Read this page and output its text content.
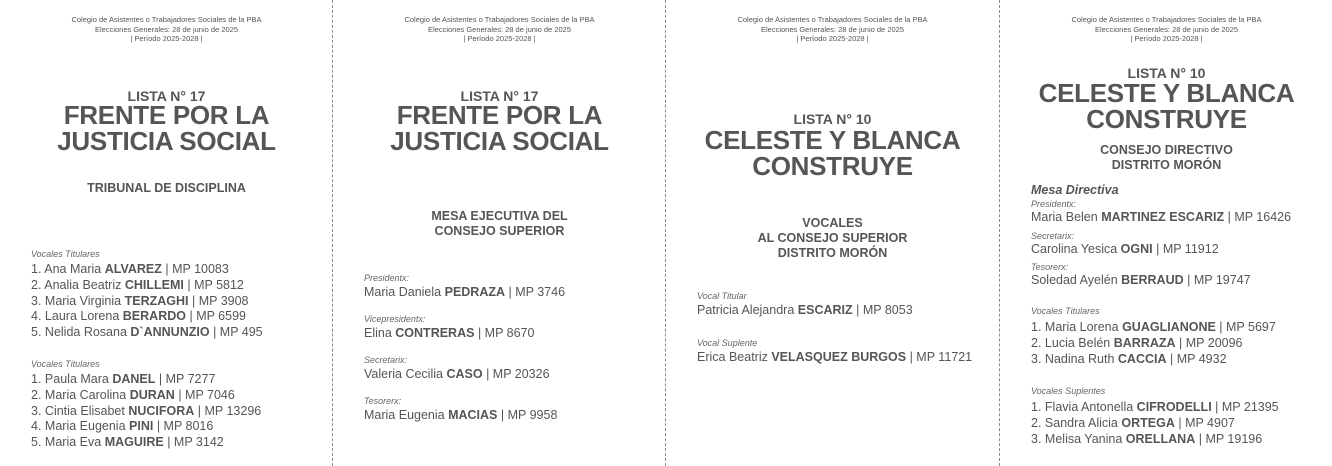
Colegio de Asistentes o Trabajadores Sociales de la PBA
Elecciones Generales: 28 de junio de 2025
| Período 2025-2028 |
LISTA N° 17
FRENTE POR LA
JUSTICIA SOCIAL
TRIBUNAL DE DISCIPLINA
Vocales Titulares
1. Ana Maria ALVAREZ | MP 10083
2. Analia Beatriz CHILLEMI | MP 5812
3. Maria Virginia TERZAGHI | MP 3908
4. Laura Lorena BERARDO | MP 6599
5. Nelida Rosana D`ANNUNZIO | MP 495
Vocales Titulares
1. Paula Mara DANEL | MP 7277
2. Maria Carolina DURAN | MP 7046
3. Cintia Elisabet NUCIFORA | MP 13296
4. Maria Eugenia PINI | MP 8016
5. Maria Eva MAGUIRE | MP 3142
Colegio de Asistentes o Trabajadores Sociales de la PBA
Elecciones Generales: 28 de junio de 2025
| Período 2025-2028 |
LISTA N° 17
FRENTE POR LA
JUSTICIA SOCIAL
MESA EJECUTIVA DEL
CONSEJO SUPERIOR
Presidentx:
Maria Daniela PEDRAZA | MP 3746
Vicepresidentx:
Elina CONTRERAS | MP 8670
Secretarix:
Valeria Cecilia CASO | MP 20326
Tesorerx:
Maria Eugenia MACIAS | MP 9958
Colegio de Asistentes o Trabajadores Sociales de la PBA
Elecciones Generales: 28 de junio de 2025
| Período 2025-2028 |
LISTA N° 10
CELESTE Y BLANCA
CONSTRUYE
VOCALES
AL CONSEJO SUPERIOR
DISTRITO MORÓN
Vocal Titular
Patricia Alejandra ESCARIZ | MP 8053
Vocal Suplente
Erica Beatriz VELASQUEZ BURGOS | MP 11721
Colegio de Asistentes o Trabajadores Sociales de la PBA
Elecciones Generales: 28 de junio de 2025
| Período 2025-2028 |
LISTA N° 10
CELESTE Y BLANCA
CONSTRUYE
CONSEJO DIRECTIVO
DISTRITO MORÓN
Mesa Directiva
Presidentx:
Maria Belen MARTINEZ ESCARIZ | MP 16426
Secretarix:
Carolina Yesica OGNI | MP 11912
Tesorerx:
Soledad Ayelén BERRAUD | MP 19747
Vocales Titulares
1. Maria Lorena GUAGLIANONE | MP 5697
2. Lucia Belén BARRAZA | MP 20096
3. Nadina Ruth CACCIA | MP 4932
Vocales Suplentes
1. Flavia Antonella CIFRODELLI | MP 21395
2. Sandra Alicia ORTEGA | MP 4907
3. Melisa Yanina ORELLANA | MP 19196
